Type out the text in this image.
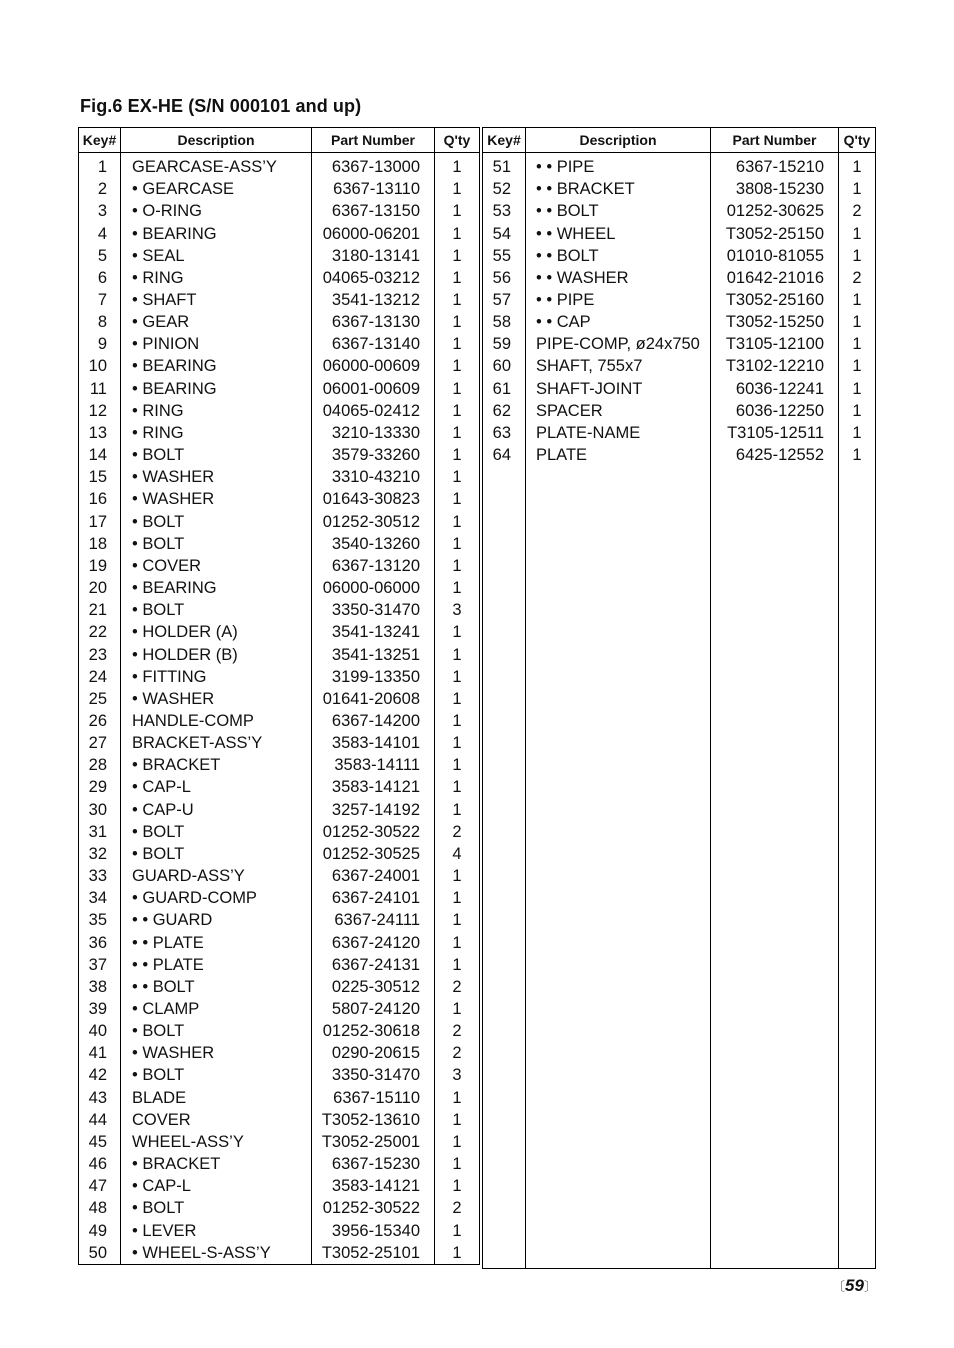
Fig.6 EX-HE (S/N 000101 and up)
Key#	Description	Part Number	Q'ty

1	GEARCASE-ASS’Y	6367-13000	1
2	• GEARCASE	6367-13110	1
3	• O-RING	6367-13150	1
4	• BEARING	06000-06201	1
5	• SEAL	3180-13141	1
6	• RING	04065-03212	1
7	• SHAFT	3541-13212	1
8	• GEAR	6367-13130	1
9	• PINION	6367-13140	1
10	• BEARING	06000-00609	1
11	• BEARING	06001-00609	1
12	• RING	04065-02412	1
13	• RING	3210-13330	1
14	• BOLT	3579-33260	1
15	• WASHER	3310-43210	1
16	• WASHER	01643-30823	1
17	• BOLT	01252-30512	1
18	• BOLT	3540-13260	1
19	• COVER	6367-13120	1
20	• BEARING	06000-06000	1
21	• BOLT	3350-31470	3
22	• HOLDER (A)	3541-13241	1
23	• HOLDER (B)	3541-13251	1
24	• FITTING	3199-13350	1
25	• WASHER	01641-20608	1
26	HANDLE-COMP	6367-14200	1
27	BRACKET-ASS’Y	3583-14101	1
28	• BRACKET	3583-14111	1
29	• CAP-L	3583-14121	1
30	• CAP-U	3257-14192	1
31	• BOLT	01252-30522	2
32	• BOLT	01252-30525	4
33	GUARD-ASS’Y	6367-24001	1
34	• GUARD-COMP	6367-24101	1
35	• • GUARD	6367-24111	1
36	• • PLATE	6367-24120	1
37	• • PLATE	6367-24131	1
38	• • BOLT	0225-30512	2
39	• CLAMP	5807-24120	1
40	• BOLT	01252-30618	2
41	• WASHER	0290-20615	2
42	• BOLT	3350-31470	3
43	BLADE	6367-15110	1
44	COVER	T3052-13610	1
45	WHEEL-ASS’Y	T3052-25001	1
46	• BRACKET	6367-15230	1
47	• CAP-L	3583-14121	1
48	• BOLT	01252-30522	2
49	• LEVER	3956-15340	1
50	• WHEEL-S-ASS’Y	T3052-25101	1
Key#	Description	Part Number	Q'ty

51	• • PIPE	6367-15210	1
52	• • BRACKET	3808-15230	1
53	• • BOLT	01252-30625	2
54	• • WHEEL	T3052-25150	1
55	• • BOLT	01010-81055	1
56	• • WASHER	01642-21016	2
57	• • PIPE	T3052-25160	1
58	• • CAP	T3052-15250	1
59	PIPE-COMP, ø24x750	T3105-12100	1
60	SHAFT, 755x7	T3102-12210	1
61	SHAFT-JOINT	6036-12241	1
62	SPACER	6036-12250	1
63	PLATE-NAME	T3105-12511	1
64	PLATE	6425-12552	1

〔59〕
